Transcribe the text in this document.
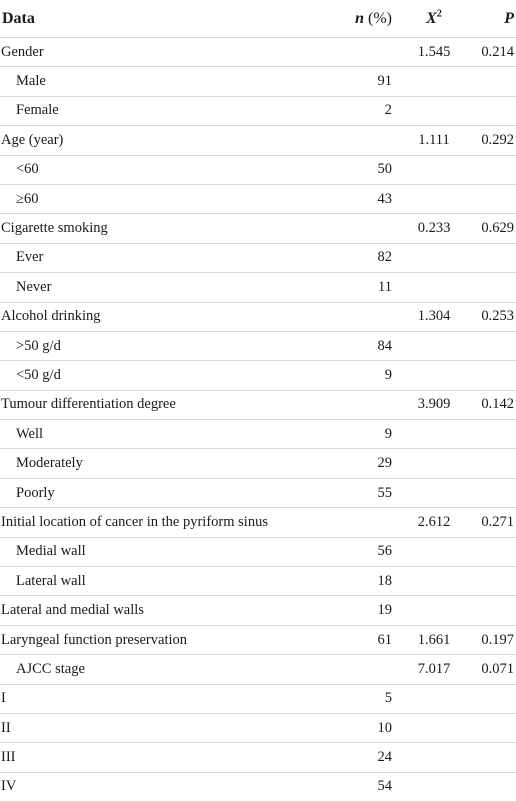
Data	n (%)	$X^2$	P
Gender		1.545	0.214
Male	91		
Female	2		
Age (year)		1.111	0.292
<60	50		
≥60	43		
Cigarette smoking		0.233	0.629
Ever	82		
Never	11		
Alcohol drinking		1.304	0.253
>50 g/d	84		
<50 g/d	9		
Tumour differentiation degree		3.909	0.142
Well	9		
Moderately	29		
Poorly	55		
Initial location of cancer in the pyriform sinus		2.612	0.271
Medial wall	56		
Lateral wall	18		
Lateral and medial walls	19		
Laryngeal function preservation	61	1.661	0.197
AJCC stage		7.017	0.071
I	5		
II	10		
III	24		
IV	54		
